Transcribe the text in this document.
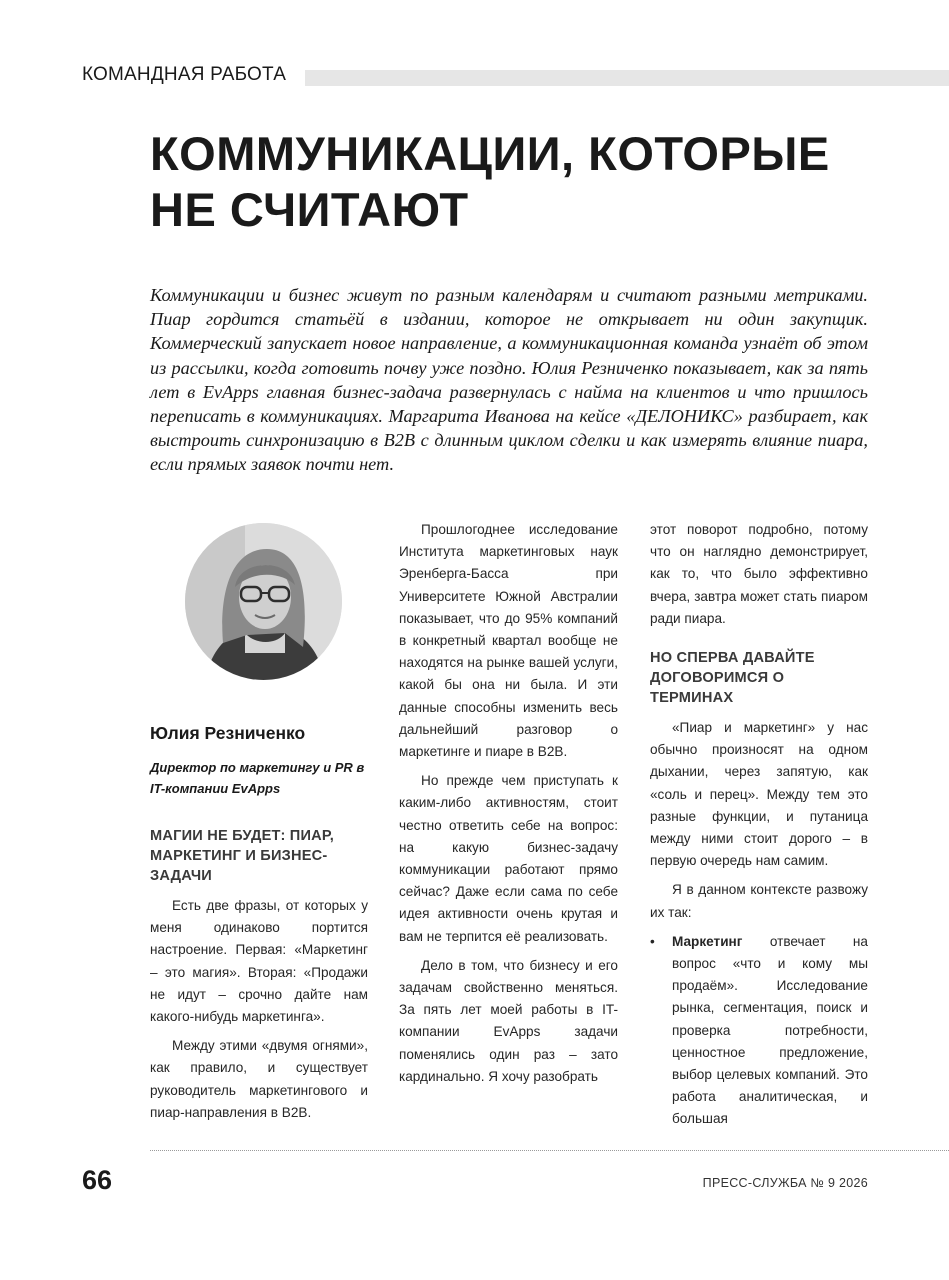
КОМАНДНАЯ РАБОТА
КОММУНИКАЦИИ, КОТОРЫЕ
НЕ СЧИТАЮТ

Коммуникации и бизнес живут по разным календарям и считают разными метриками. Пиар гордится статьёй в издании, которое не открывает ни один закупщик. Коммерческий запускает новое направление, а коммуникационная команда узнаёт об этом из рассылки, когда готовить почву уже поздно. Юлия Резниченко показывает, как за пять лет в EvApps главная бизнес-задача развернулась с найма на клиентов и что пришлось переписать в коммуникациях. Маргарита Иванова на кейсе «ДЕЛОНИКС» разбирает, как выстроить синхронизацию в B2B с длинным циклом сделки и как измерять влияние пиара, если прямых заявок почти нет.

Юлия Резниченко
Директор по маркетингу и PR в IT-компании EvApps
МАГИИ НЕ БУДЕТ: ПИАР, МАРКЕТИНГ И БИЗНЕС-ЗАДАЧИ

Есть две фразы, от которых у меня одинаково портится настроение. Первая: «Маркетинг – это магия». Вторая: «Продажи не идут – срочно дайте нам какого-нибудь маркетинга».

Между этими «двумя огнями», как правило, и существует руководитель маркетингового и пиар-направления в B2B.

Прошлогоднее исследование Института маркетинговых наук Эренберга-Басса при Университете Южной Австралии показывает, что до 95% компаний в конкретный квартал вообще не находятся на рынке вашей услуги, какой бы она ни была. И эти данные способны изменить весь дальнейший разговор о маркетинге и пиаре в B2B.

Но прежде чем приступать к каким-либо активностям, стоит честно ответить себе на вопрос: на какую бизнес-задачу коммуникации работают прямо сейчас? Даже если сама по себе идея активности очень крутая и вам не терпится её реализовать.

Дело в том, что бизнесу и его задачам свойственно меняться. За пять лет моей работы в IT-компании EvApps задачи поменялись один раз – зато кардинально. Я хочу разобрать

этот поворот подробно, потому что он наглядно демонстрирует, как то, что было эффективно вчера, завтра может стать пиаром ради пиара.

НО СПЕРВА ДАВАЙТЕ ДОГОВОРИМСЯ О ТЕРМИНАХ

«Пиар и маркетинг» у нас обычно произносят на одном дыхании, через запятую, как «соль и перец». Между тем это разные функции, и путаница между ними стоит дорого – в первую очередь нам самим.

Я в данном контексте развожу их так:

• Маркетинг отвечает на вопрос «что и кому мы продаём». Исследование рынка, сегментация, поиск и проверка потребности, ценностное предложение, выбор целевых компаний. Это работа аналитическая, и большая
66	ПРЕСС-СЛУЖБА № 9 2026
